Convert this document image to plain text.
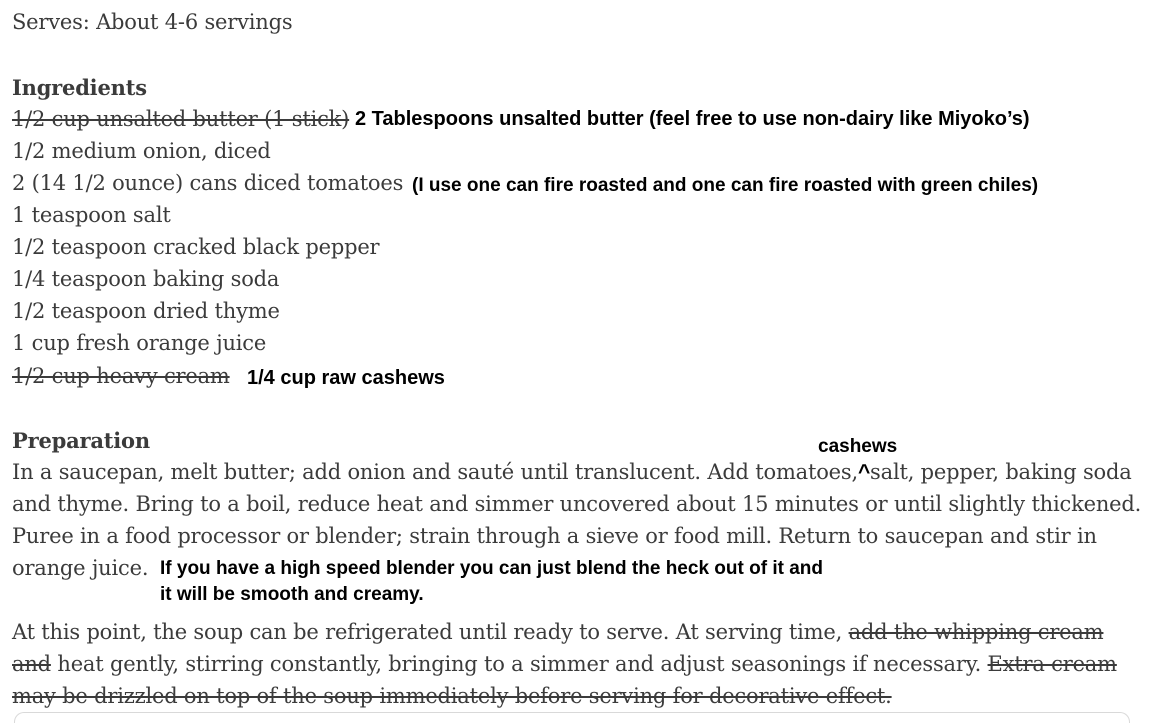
Serves: About 4-6 servings
Ingredients
1/2 cup unsalted butter (1 stick) 2 Tablespoons unsalted butter (feel free to use non-dairy like Miyoko’s)
1/2 medium onion, diced
2 (14 1/2 ounce) cans diced tomatoes (I use one can fire roasted and one can fire roasted with green chiles)
1 teaspoon salt
1/2 teaspoon cracked black pepper
1/4 teaspoon baking soda
1/2 teaspoon dried thyme
1 cup fresh orange juice
1/2 cup heavy cream 1/4 cup raw cashews
Preparation	cashews
In a saucepan, melt butter; add onion and sauté until translucent. Add tomatoes,^salt, pepper, baking soda
and thyme. Bring to a boil, reduce heat and simmer uncovered about 15 minutes or until slightly thickened.
Puree in a food processor or blender; strain through a sieve or food mill. Return to saucepan and stir in
orange juice. If you have a high speed blender you can just blend the heck out of it and
it will be smooth and creamy.
At this point, the soup can be refrigerated until ready to serve. At serving time, add the whipping cream
and heat gently, stirring constantly, bringing to a simmer and adjust seasonings if necessary. Extra cream
may be drizzled on top of the soup immediately before serving for decorative effect.
